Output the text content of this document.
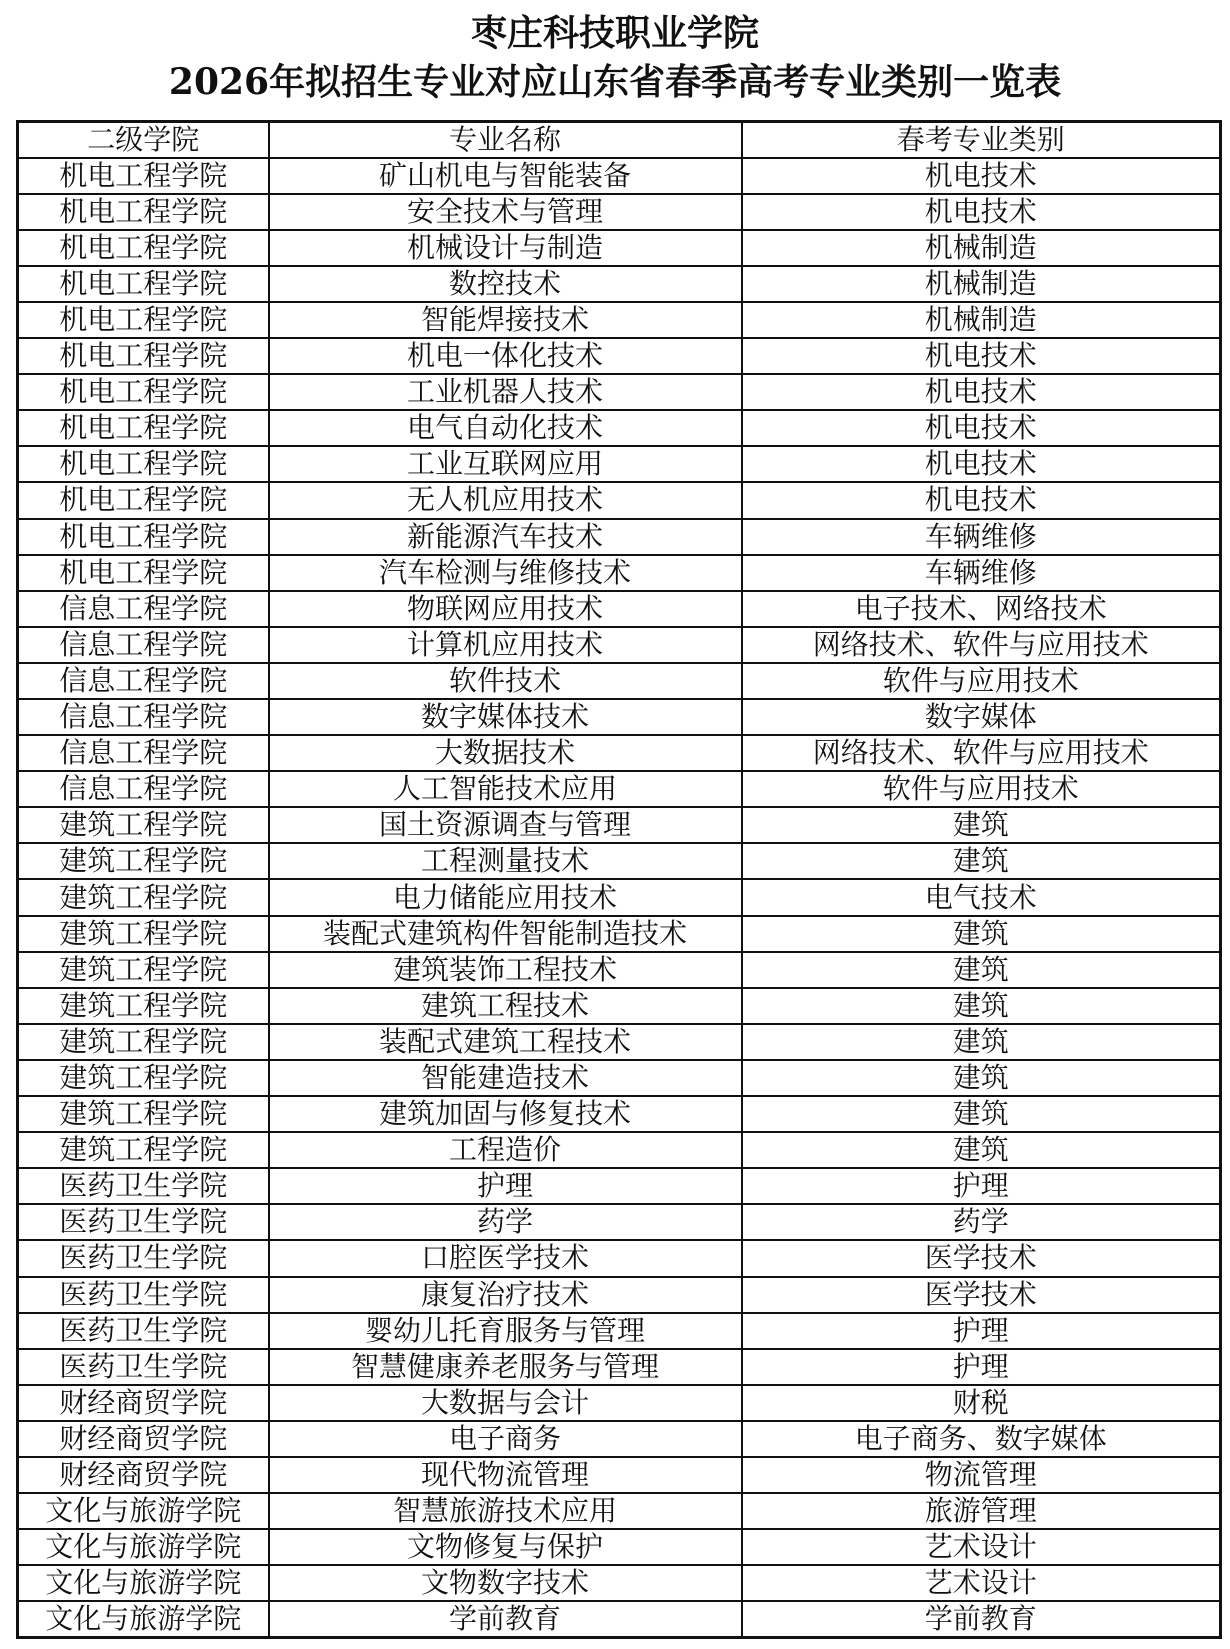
枣庄科技职业学院
2026年拟招生专业对应山东省春季高考专业类别一览表
二级学院	专业名称	春考专业类别
机电工程学院	矿山机电与智能装备	机电技术
机电工程学院	安全技术与管理	机电技术
机电工程学院	机械设计与制造	机械制造
机电工程学院	数控技术	机械制造
机电工程学院	智能焊接技术	机械制造
机电工程学院	机电一体化技术	机电技术
机电工程学院	工业机器人技术	机电技术
机电工程学院	电气自动化技术	机电技术
机电工程学院	工业互联网应用	机电技术
机电工程学院	无人机应用技术	机电技术
机电工程学院	新能源汽车技术	车辆维修
机电工程学院	汽车检测与维修技术	车辆维修
信息工程学院	物联网应用技术	电子技术、网络技术
信息工程学院	计算机应用技术	网络技术、软件与应用技术
信息工程学院	软件技术	软件与应用技术
信息工程学院	数字媒体技术	数字媒体
信息工程学院	大数据技术	网络技术、软件与应用技术
信息工程学院	人工智能技术应用	软件与应用技术
建筑工程学院	国土资源调查与管理	建筑
建筑工程学院	工程测量技术	建筑
建筑工程学院	电力储能应用技术	电气技术
建筑工程学院	装配式建筑构件智能制造技术	建筑
建筑工程学院	建筑装饰工程技术	建筑
建筑工程学院	建筑工程技术	建筑
建筑工程学院	装配式建筑工程技术	建筑
建筑工程学院	智能建造技术	建筑
建筑工程学院	建筑加固与修复技术	建筑
建筑工程学院	工程造价	建筑
医药卫生学院	护理	护理
医药卫生学院	药学	药学
医药卫生学院	口腔医学技术	医学技术
医药卫生学院	康复治疗技术	医学技术
医药卫生学院	婴幼儿托育服务与管理	护理
医药卫生学院	智慧健康养老服务与管理	护理
财经商贸学院	大数据与会计	财税
财经商贸学院	电子商务	电子商务、数字媒体
财经商贸学院	现代物流管理	物流管理
文化与旅游学院	智慧旅游技术应用	旅游管理
文化与旅游学院	文物修复与保护	艺术设计
文化与旅游学院	文物数字技术	艺术设计
文化与旅游学院	学前教育	学前教育
